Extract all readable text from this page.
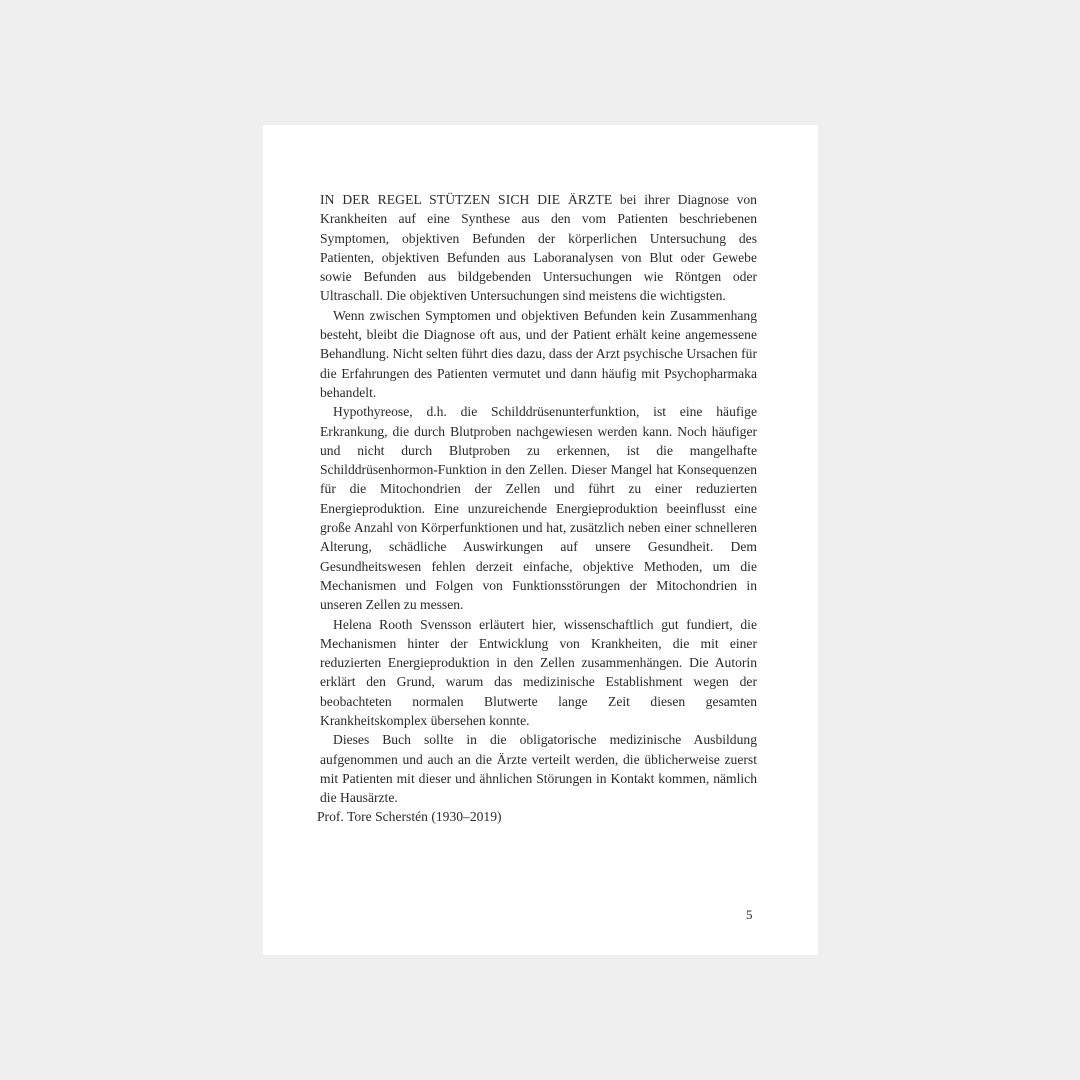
IN DER REGEL STÜTZEN SICH DIE ÄRZTE bei ihrer Diagnose von Krankheiten auf eine Synthese aus den vom Patienten beschriebenen Symptomen, objektiven Befunden der körperlichen Untersuchung des Patienten, objektiven Befunden aus Laboranalysen von Blut oder Gewebe sowie Befunden aus bildgebenden Untersuchungen wie Röntgen oder Ultraschall. Die objektiven Untersuchungen sind meistens die wichtigsten.

Wenn zwischen Symptomen und objektiven Befunden kein Zusammenhang besteht, bleibt die Diagnose oft aus, und der Patient erhält keine angemessene Behandlung. Nicht selten führt dies dazu, dass der Arzt psychische Ursachen für die Erfahrungen des Patienten vermutet und dann häufig mit Psychopharmaka behandelt.

Hypothyreose, d.h. die Schilddrüsenunterfunktion, ist eine häufige Erkrankung, die durch Blutproben nachgewiesen werden kann. Noch häufiger und nicht durch Blutproben zu erkennen, ist die mangelhafte Schilddrüsenhormon-Funktion in den Zellen. Dieser Mangel hat Konsequenzen für die Mitochondrien der Zellen und führt zu einer reduzierten Energieproduktion. Eine unzureichende Energieproduktion beeinflusst eine große Anzahl von Körperfunktionen und hat, zusätzlich neben einer schnelleren Alterung, schädliche Auswirkungen auf unsere Gesundheit. Dem Gesundheitswesen fehlen derzeit einfache, objektive Methoden, um die Mechanismen und Folgen von Funktionsstörungen der Mitochondrien in unseren Zellen zu messen.

Helena Rooth Svensson erläutert hier, wissenschaftlich gut fundiert, die Mechanismen hinter der Entwicklung von Krankheiten, die mit einer reduzierten Energieproduktion in den Zellen zusammenhängen. Die Autorin erklärt den Grund, warum das medizinische Establishment wegen der beobachteten normalen Blutwerte lange Zeit diesen gesamten Krankheitskomplex übersehen konnte.

Dieses Buch sollte in die obligatorische medizinische Ausbildung aufgenommen und auch an die Ärzte verteilt werden, die üblicherweise zuerst mit Patienten mit dieser und ähnlichen Störungen in Kontakt kommen, nämlich die Hausärzte.

Prof. Tore Scherstén (1930–2019)
5
